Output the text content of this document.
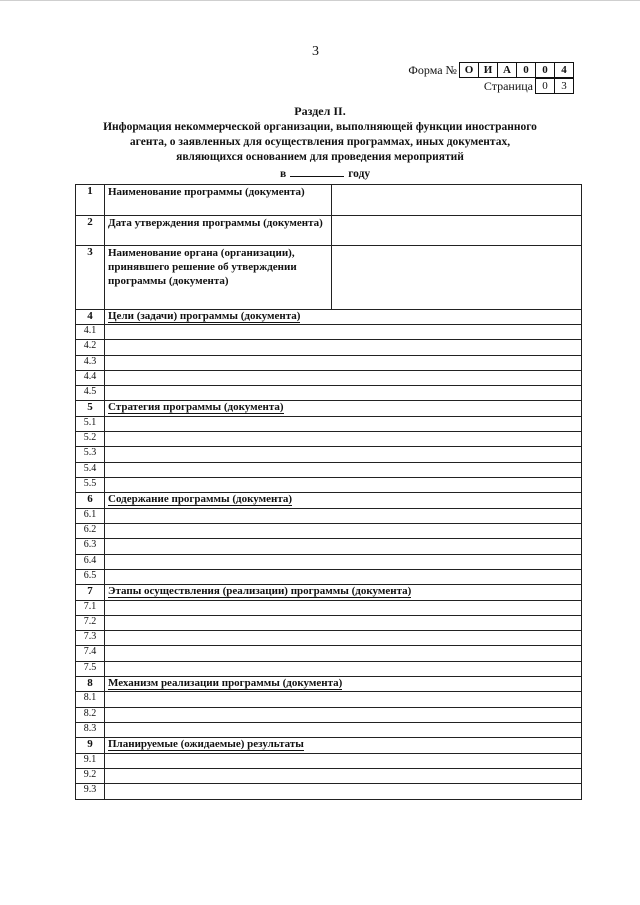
3
Форма № О И А	0	0	4
Страница 0	3
Раздел II.
Информация некоммерческой организации, выполняющей функции иностранного
агента, о заявленных для осуществления программах, иных документах,
являющихся основанием для проведения мероприятий
в	году
1	Наименование программы (документа)	
2	Дата утверждения программы (документа)	
3	Наименование органа (организации), принявшего решение об утверждении программы (документа)	
4	Цели (задачи) программы (документа)	
4.1		
4.2		
4.3		
4.4		
4.5		
5	Стратегия программы (документа)	
5.1		
5.2		
5.3		
5.4		
5.5		
6	Содержание программы (документа)	
6.1		
6.2		
6.3		
6.4		
6.5		
7	Этапы осуществления (реализации) программы (документа)	
7.1		
7.2		
7.3		
7.4		
7.5		
8	Механизм реализации программы (документа)	
8.1		
8.2		
8.3		
9	Планируемые (ожидаемые) результаты	
9.1		
9.2		
9.3		
